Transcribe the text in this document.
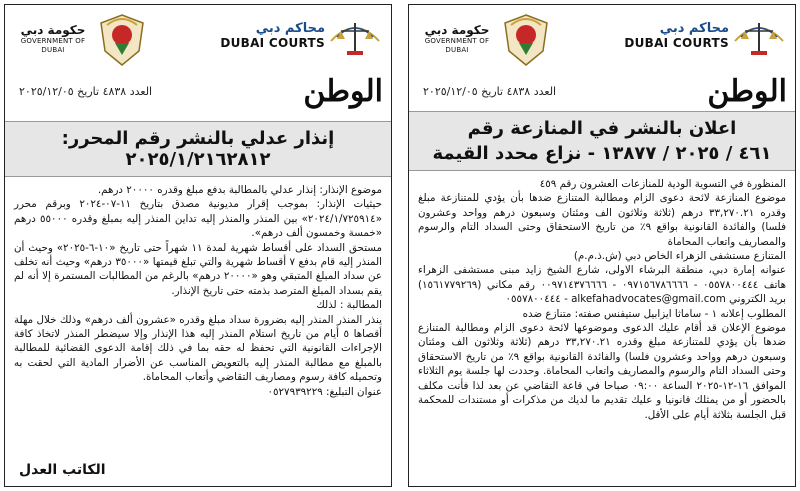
محاكم دبي
DUBAI COURTS
حكومة دبي
GOVERNMENT OF DUBAI
الوطن
العدد ٤٨٣٨ تاريخ ٢٠٢٥/١٢/٠٥
إنذار عدلي بالنشر رقم المحرر: ٢٠٢٥/١/٢١٦٢٨١٢

موضوع الإنذار: إنذار عدلي بالمطالبة بدفع مبلغ وقدره ٢٠٠٠٠ درهم.

حيثيات الإنذار: بموجب إقرار مديونية مصدق بتاريخ ١١-٠٧-٢٠٢٤ وبرقم محرر «٢٠٢٤/١/٧٢٥٩١٤» بين المنذر والمنذر إليه تداين المنذر إليه بمبلغ وقدره ٥٥٠٠٠ درهم «خمسة وخمسون ألف درهم».

مستحق السداد على أقساط شهرية لمدة ١١ شهراً حتى تاريخ «١٠-٦-٢٠٢٥» وحيث أن المنذر إليه قام بدفع ٧ أقساط شهرية والتي تبلغ قيمتها «٣٥٠٠٠ درهم» وحيث أنه تخلف عن سداد المبلغ المتبقي وهو «٢٠٠٠٠ درهم» بالرغم من المطالبات المستمرة إلا أنه لم يقم بسداد المبلغ المترصد بذمته حتى تاريخ الإنذار.

المطالبة : لذلك

ينذر المنذر المنذر إليه بضرورة سداد مبلغ وقدره «عشرون ألف درهم» وذلك خلال مهلة أقصاها ٥ أيام من تاريخ استلام المنذر إليه هذا الإنذار وإلا سيضطر المنذر لاتخاذ كافة الإجراءات القانونية التي تحفظ له حقه بما في ذلك إقامة الدعوى القضائية للمطالبة بالمبلغ مع مطالبة المنذر إليه بالتعويض المناسب عن الأضرار المادية التي لحقت به وتحميله كافة رسوم ومصاريف التقاضي وأتعاب المحاماة.

عنوان التبليغ: ٠٥٢٧٩٣٩٢٢٩

الكاتب العدل
محاكم دبي
DUBAI COURTS
حكومة دبي
GOVERNMENT OF DUBAI
الوطن
العدد ٤٨٣٨ تاريخ ٢٠٢٥/١٢/٠٥
اعلان بالنشر في المنازعة رقم
٤٦١ / ٢٠٢٥ / ١٣٨٧٧ - نزاع محدد القيمة

المنظورة في التسوية الودية للمنازعات العشرون رقم ٤٥٩

موضوع المنازعة لائحة دعوى الزام ومطالبة المتنازع ضدها بأن يؤدي للمتنازعة مبلغ وقدره ٣٣,٢٧٠.٢١ درهم (ثلاثة وثلاثون الف ومئتان وسبعون درهم وواحد وعشرون فلسا) والفائدة القانونية بواقع ٩٪ من تاريخ الاستحقاق وحتى السداد التام والرسوم والمصاريف واتعاب المحاماة

المتنازع مستشفى الزهراء الخاص دبي (ش.ذ.م.م)

عنوانه إمارة دبي، منطقة البرشاء الاولى، شارع الشيخ زايد مبنى مستشفى الزهراء هاتف ٠٥٥٧٨٠٠٤٤٤ - ٠٩٧١٥٦٧٨٦٦٦٦ - ٠٠٩٧١٤٣٧٦٦٦٦ رقم مكاني (١٥٦١٧٧٩٢٦٩) بريد الكتروني alkefahadvocates@gmail.com - ٠٥٥٧٨٠٠٤٤٤

المطلوب إعلانه ١ - ساماثا ايزابيل ستيفنس صفته: متنازع ضده

موضوع الإعلان قد أقام عليك الدعوى وموضوعها لائحة دعوى الزام ومطالبة المتنازع ضدها بأن يؤدي للمتنازعة مبلغ وقدره ٣٣,٢٧٠.٢١ درهم (ثلاثة وثلاثون الف ومئتان وسبعون درهم وواحد وعشرون فلسا) والفائدة القانونية بواقع ٩٪ من تاريخ الاستحقاق وحتى السداد التام والرسوم والمصاريف واتعاب المحاماة. وحددت لها جلسة يوم الثلاثاء الموافق ١٦-١٢-٢٠٢٥ الساعة ٠٩:٠٠ صباحا في قاعة التقاضي عن بعد لذا فأنت مكلف بالحضور أو من يمثلك قانونيا و عليك تقديم ما لديك من مذكرات أو مستندات للمحكمة قبل الجلسة بثلاثة أيام على الأقل.
